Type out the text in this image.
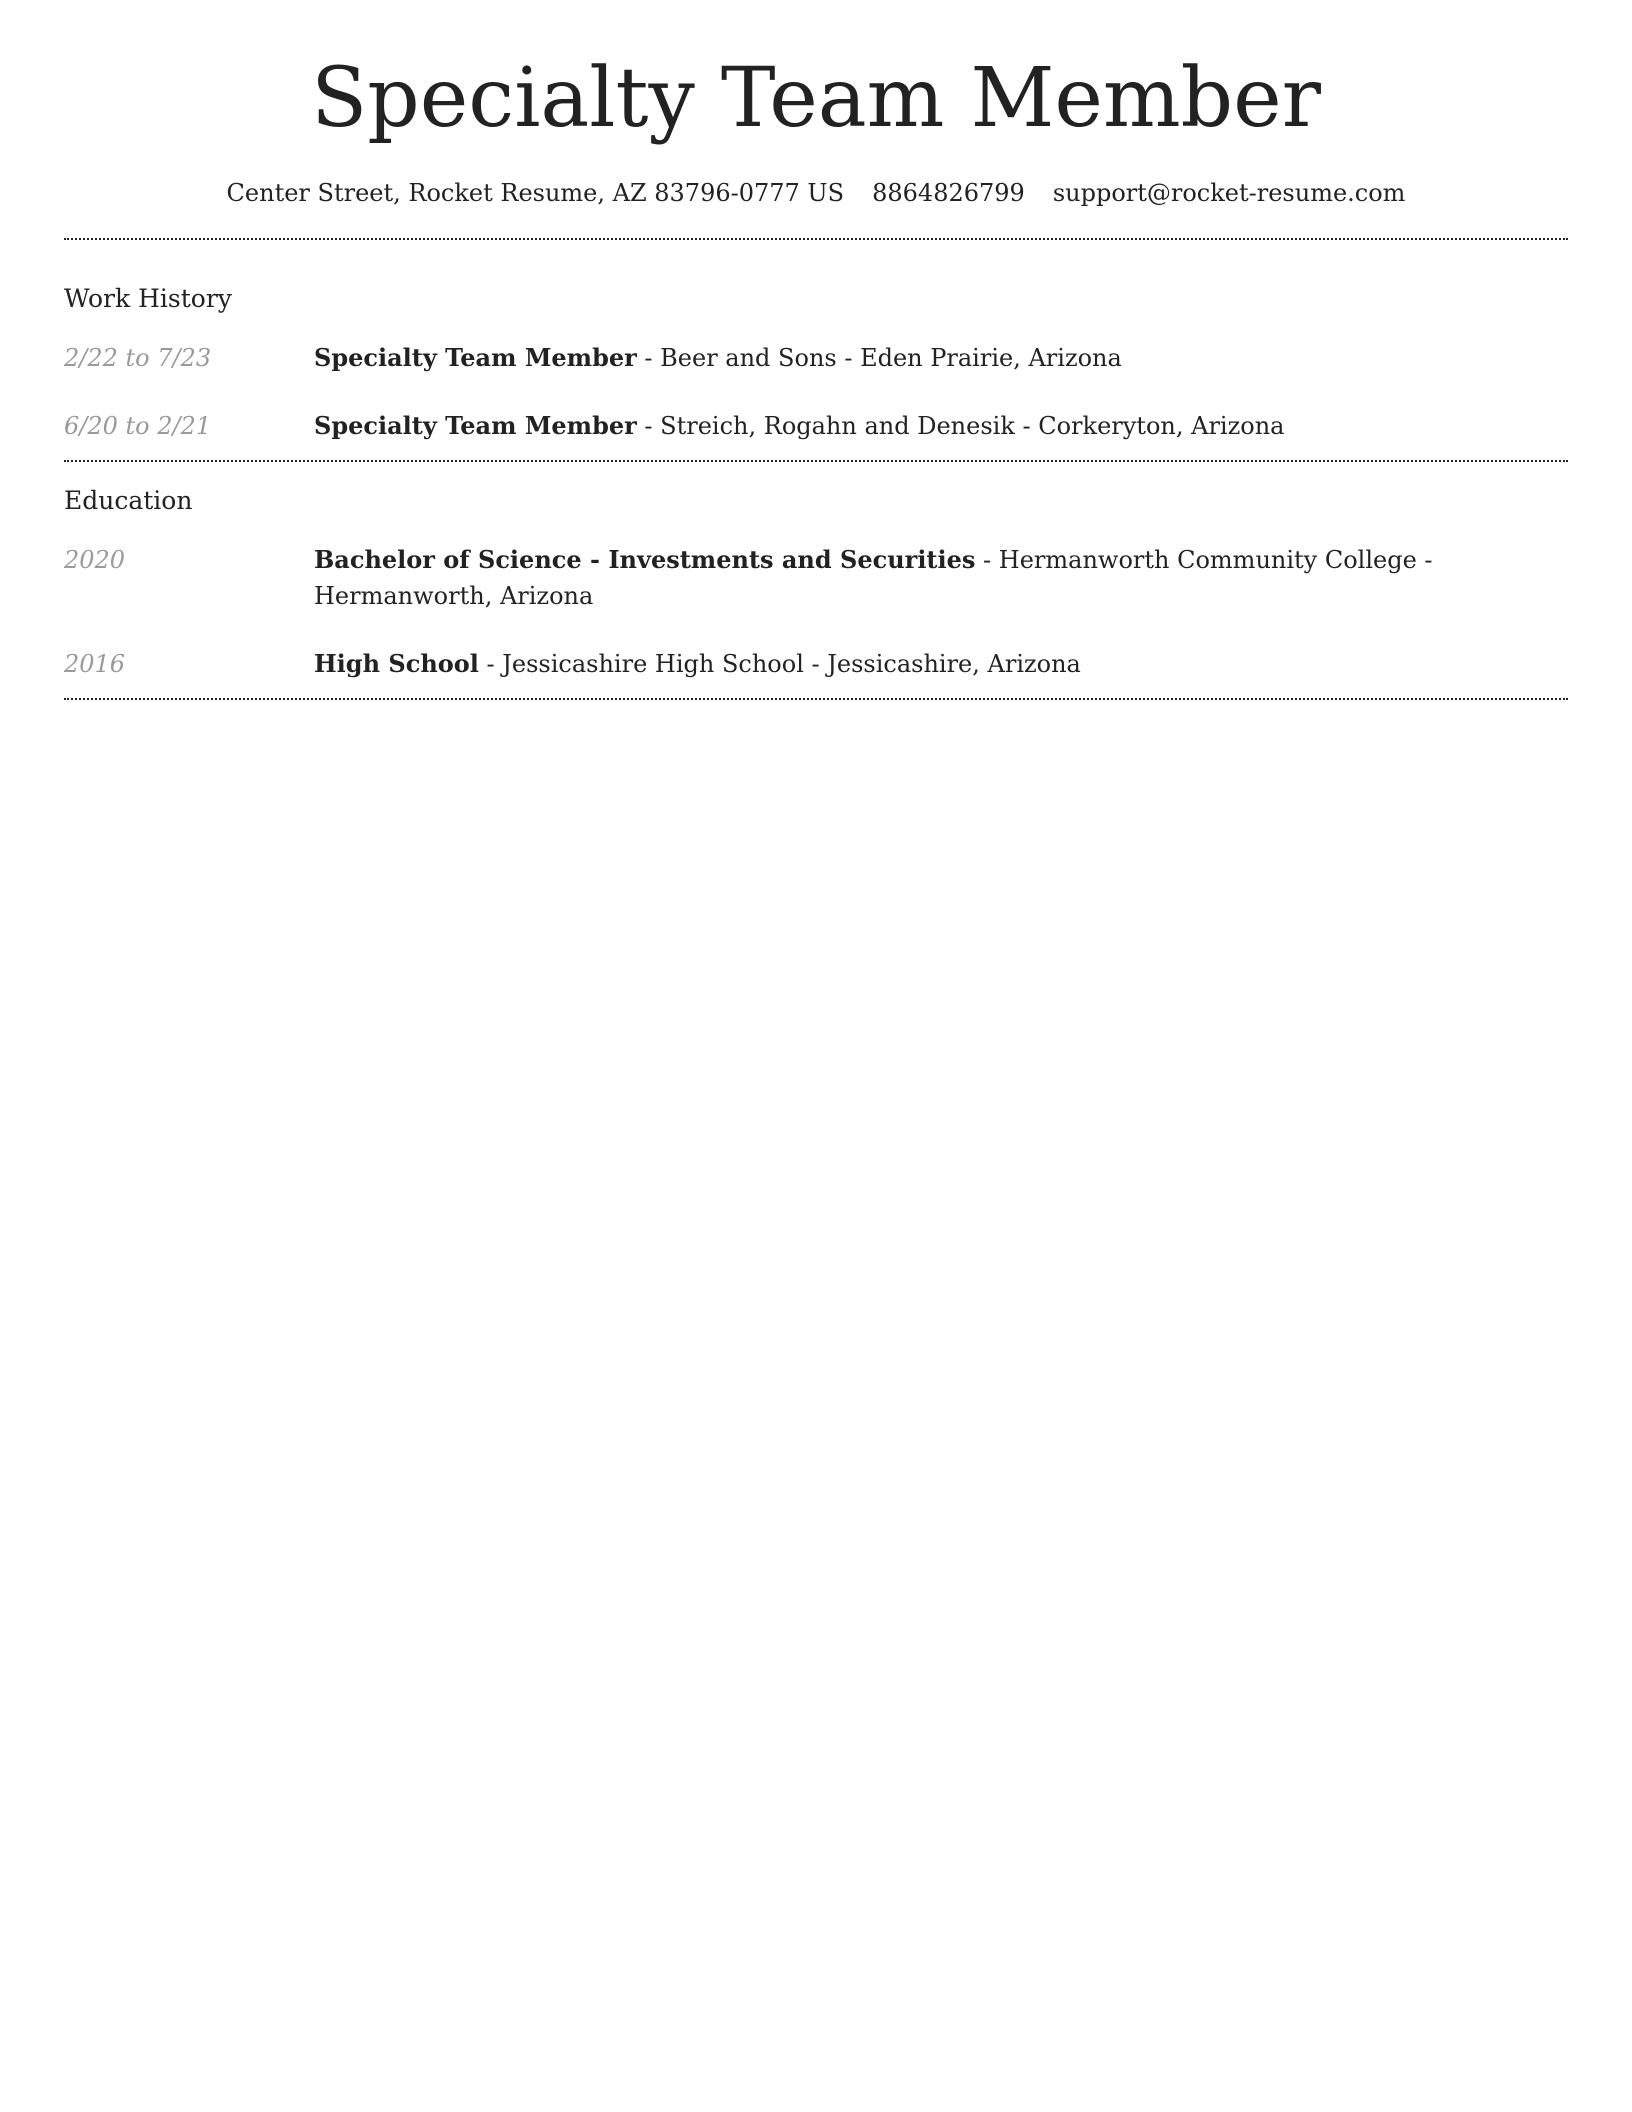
Specialty Team Member
Center Street, Rocket Resume, AZ 83796-0777 US 8864826799 support@rocket-resume.com
Work History
2/22 to 7/23	Specialty Team Member - Beer and Sons - Eden Prairie, Arizona
6/20 to 2/21	Specialty Team Member - Streich, Rogahn and Denesik - Corkeryton, Arizona
Education
2020	Bachelor of Science - Investments and Securities - Hermanworth Community College - Hermanworth, Arizona
2016	High School - Jessicashire High School - Jessicashire, Arizona
